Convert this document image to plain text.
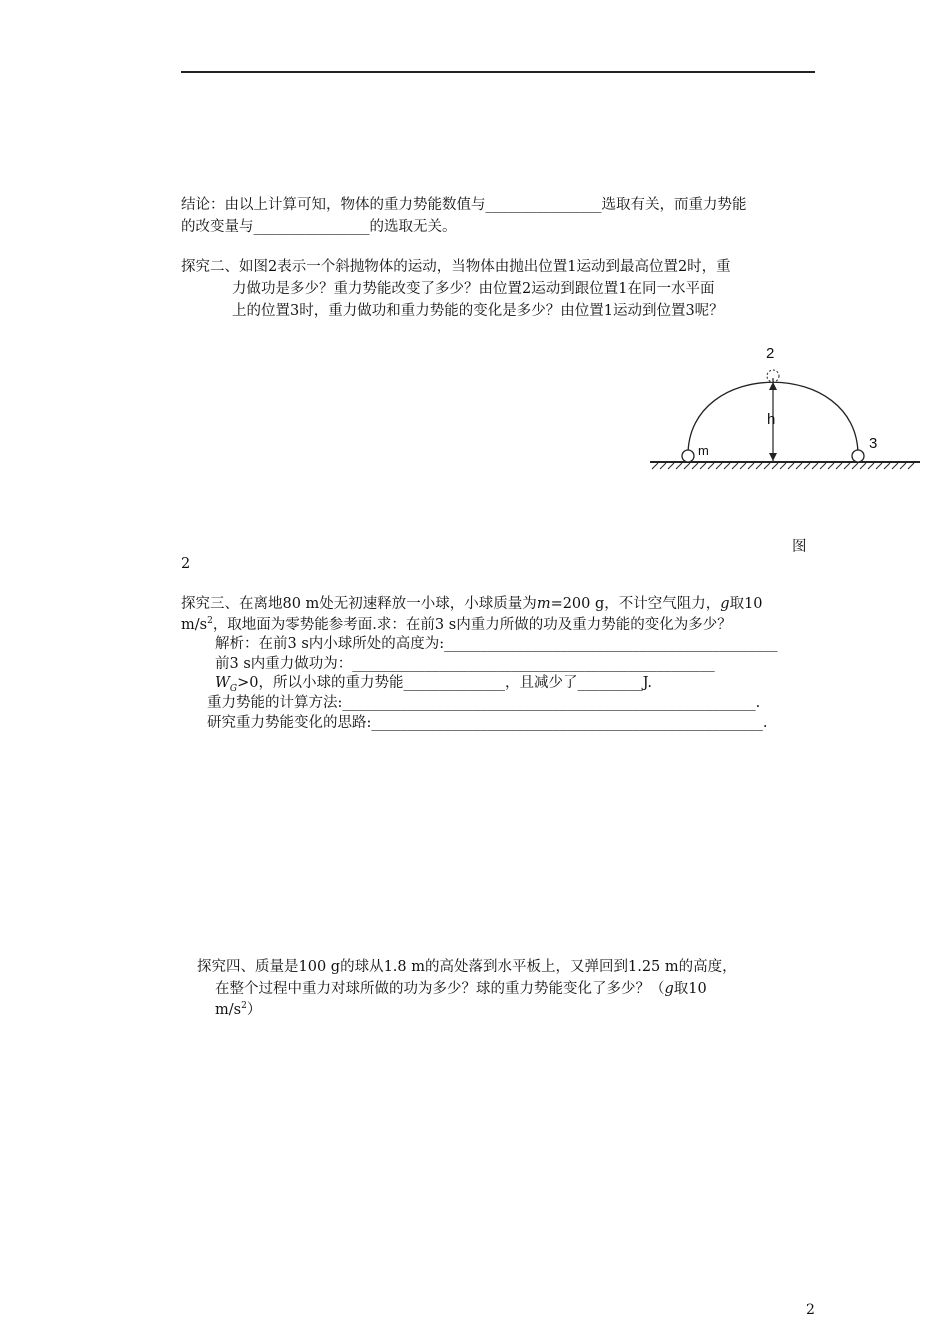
结论：由以上计算可知，物体的重力势能数值与________________选取有关，而重力势能
的改变量与________________的选取无关。
探究二、如图2表示一个斜抛物体的运动，当物体由抛出位置1运动到最高位置2时，重
力做功是多少？重力势能改变了多少？由位置2运动到跟位置1在同一水平面
上的位置3时，重力做功和重力势能的变化是多少？由位置1运动到位置3呢？
2
3
m
h
图
2
探究三、在离地80 m处无初速释放一小球，小球质量为m=200 g，不计空气阻力，g取10
$m/s^2$，取地面为零势能参考面.求：在前3 s内重力所做的功及重力势能的变化为多少？
解析：在前3 s内小球所处的高度为:______________________________________________
前3 s内重力做功为：__________________________________________________
$W_G>0$，所以小球的重力势能______________，且减少了_________J.
重力势能的计算方法:_________________________________________________________.
研究重力势能变化的思路:______________________________________________________.
探究四、质量是100 g的球从1.8 m的高处落到水平板上，又弹回到1.25 m的高度，
在整个过程中重力对球所做的功为多少？球的重力势能变化了多少？（g取10
$m/s^2$）
2
